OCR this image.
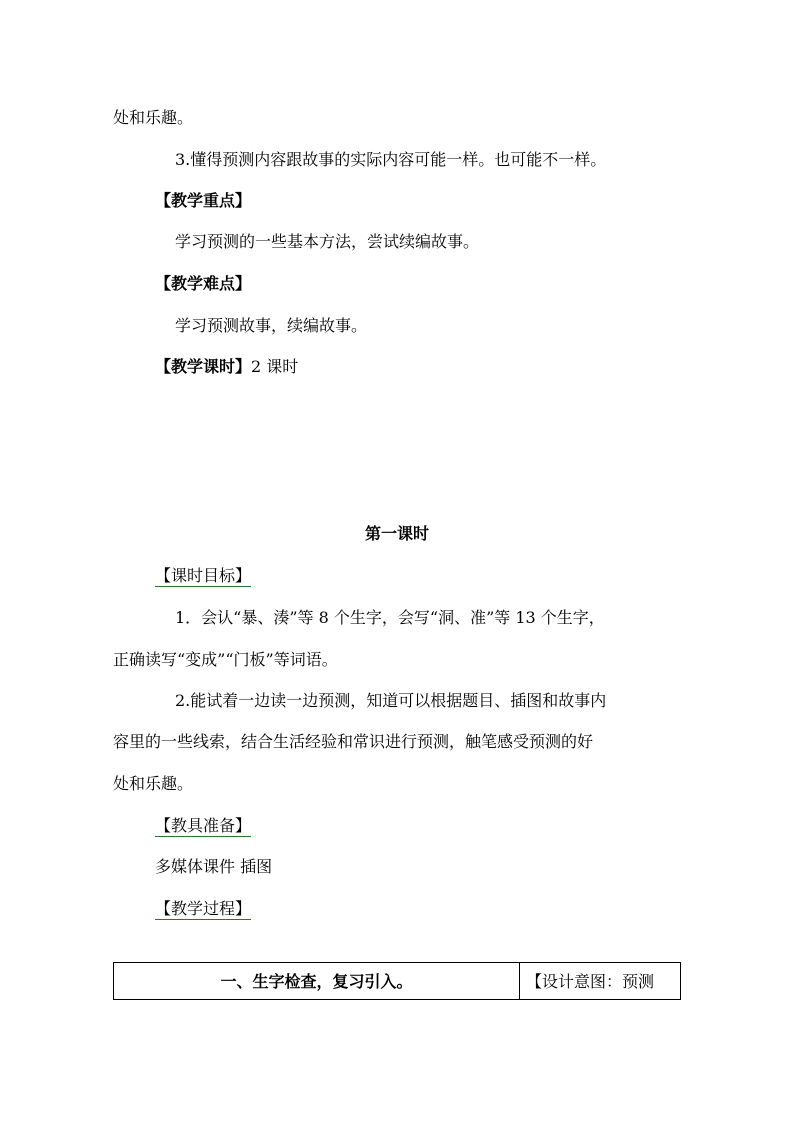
处和乐趣。
3.懂得预测内容跟故事的实际内容可能一样。也可能不一样。
【教学重点】
学习预测的一些基本方法，尝试续编故事。
【教学难点】
学习预测故事，续编故事。
【教学课时】2 课时
第一课时
【课时目标】
1．会认“暴、湊”等 8 个生字，会写“洞、准”等 13 个生字，
正确读写“变成”“门板”等词语。
2.能试着一边读一边预测，知道可以根据题目、插图和故事内
容里的一些线索，结合生活经验和常识进行预测，触笔感受预测的好
处和乐趣。
【教具准备】
多媒体课件 插图
【教学过程】
一、生字检查，复习引入。	【设计意图：预测
